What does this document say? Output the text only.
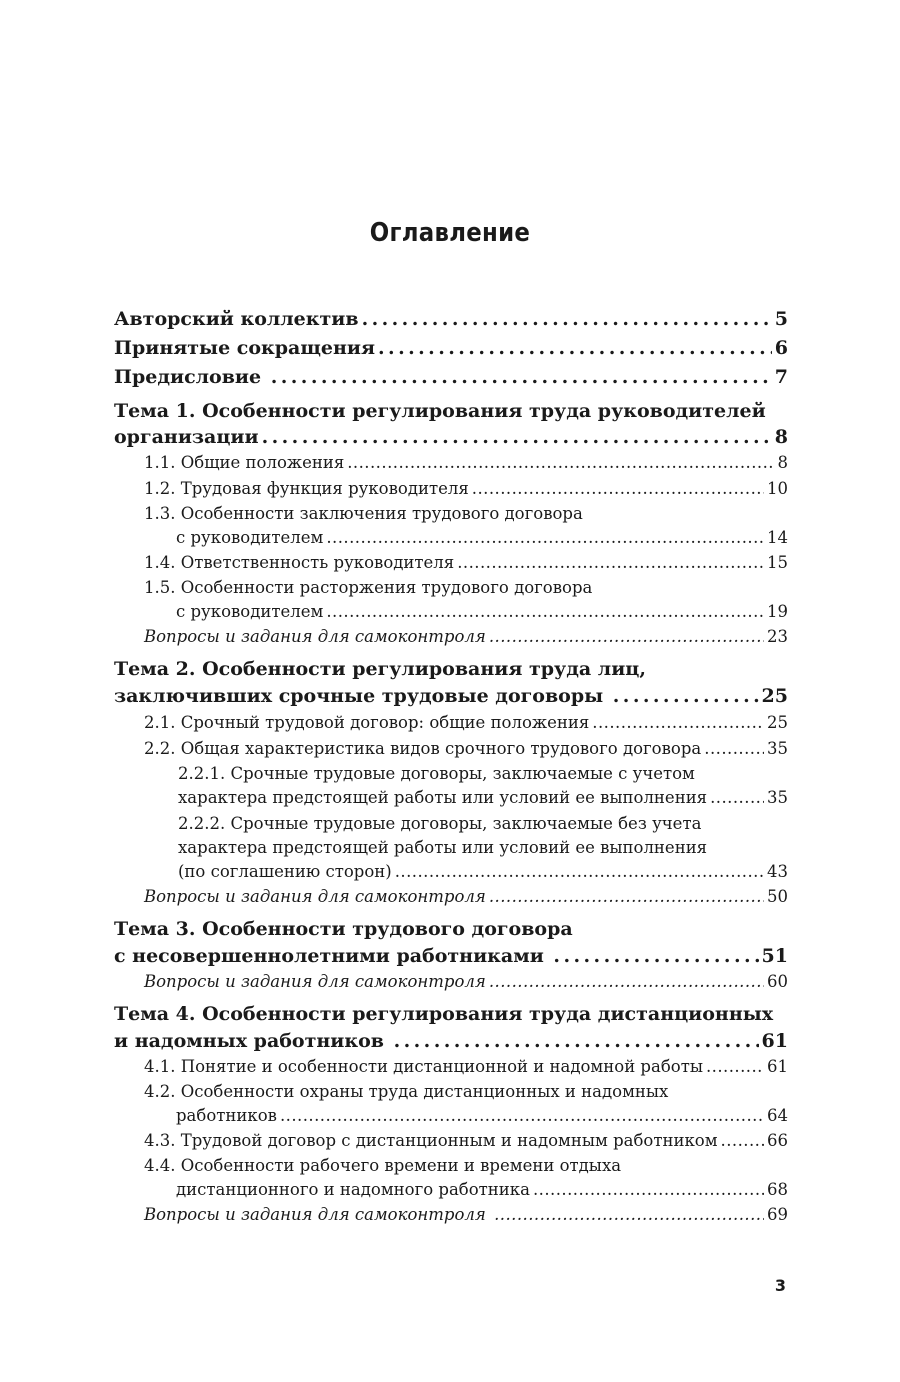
Оглавление
Авторский коллектив . . .	5
Принятые сокращения . . .	6
Предисловие . . .	7
Тема 1. Особенности регулирования труда руководителей
организации . . .	8
1.1. Общие положения . . .	8
1.2. Трудовая функция руководителя . . .	10
1.3. Особенности заключения трудового договора
с руководителем . . .	14
1.4. Ответственность руководителя . . .	15
1.5. Особенности расторжения трудового договора
с руководителем . . .	19
Вопросы и задания для самоконтроля . . .	23
Тема 2. Особенности регулирования труда лиц,
заключивших срочные трудовые договоры . . .	25
2.1. Срочный трудовой договор: общие положения . . .	25
2.2. Общая характеристика видов срочного трудового договора . . .	35
2.2.1. Срочные трудовые договоры, заключаемые с учетом
характера предстоящей работы или условий ее выполнения . . .	35
2.2.2. Срочные трудовые договоры, заключаемые без учета
характера предстоящей работы или условий ее выполнения
(по соглашению сторон) . . .	43
Вопросы и задания для самоконтроля . . .	50
Тема 3. Особенности трудового договора
с несовершеннолетними работниками . . .	51
Вопросы и задания для самоконтроля . . .	60
Тема 4. Особенности регулирования труда дистанционных
и надомных работников . . .	61
4.1. Понятие и особенности дистанционной и надомной работы . . .	61
4.2. Особенности охраны труда дистанционных и надомных
работников . . .	64
4.3. Трудовой договор с дистанционным и надомным работником . . .	66
4.4. Особенности рабочего времени и времени отдыха
дистанционного и надомного работника . . .	68
Вопросы и задания для самоконтроля . . .	69
3
